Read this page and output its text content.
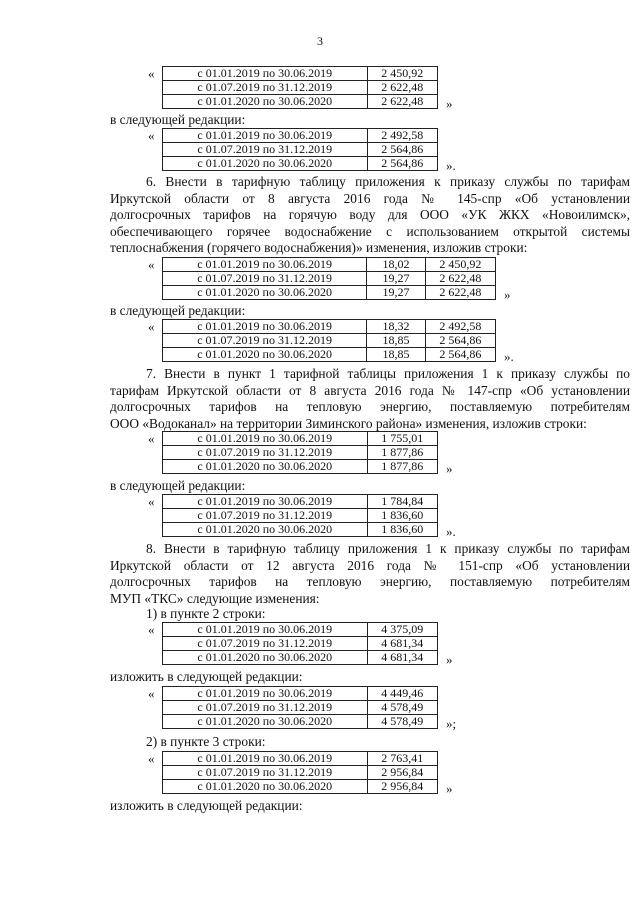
3
«	с 01.01.2019 по 30.06.2019	2 450,92
с 01.07.2019 по 31.12.2019	2 622,48
с 01.01.2020 по 30.06.2020	2 622,48 »
в следующей редакции:
«	с 01.01.2019 по 30.06.2019	2 492,58
с 01.07.2019 по 31.12.2019	2 564,86
с 01.01.2020 по 30.06.2020	2 564,86 ».
6. Внести в тарифную таблицу приложения к приказу службы по тарифам
Иркутской области от 8 августа 2016 года № 145-спр «Об установлении
долгосрочных тарифов на горячую воду для ООО «УК ЖКХ «Новоилимск»,
обеспечивающего горячее водоснабжение с использованием открытой системы
теплоснабжения (горячего водоснабжения)» изменения, изложив строки:
«	с 01.01.2019 по 30.06.2019	18,02	2 450,92
с 01.07.2019 по 31.12.2019	19,27	2 622,48
с 01.01.2020 по 30.06.2020	19,27	2 622,48 »
в следующей редакции:
«	с 01.01.2019 по 30.06.2019	18,32	2 492,58
с 01.07.2019 по 31.12.2019	18,85	2 564,86
с 01.01.2020 по 30.06.2020	18,85	2 564,86 ».
7. Внести в пункт 1 тарифной таблицы приложения 1 к приказу службы по
тарифам Иркутской области от 8 августа 2016 года № 147-спр «Об установлении
долгосрочных тарифов на тепловую энергию, поставляемую потребителям
ООО «Водоканал» на территории Зиминского района» изменения, изложив строки:
«	с 01.01.2019 по 30.06.2019	1 755,01
с 01.07.2019 по 31.12.2019	1 877,86
с 01.01.2020 по 30.06.2020	1 877,86 »
в следующей редакции:
«	с 01.01.2019 по 30.06.2019	1 784,84
с 01.07.2019 по 31.12.2019	1 836,60
с 01.01.2020 по 30.06.2020	1 836,60 ».
8. Внести в тарифную таблицу приложения 1 к приказу службы по тарифам
Иркутской области от 12 августа 2016 года № 151-спр «Об установлении
долгосрочных тарифов на тепловую энергию, поставляемую потребителям
МУП «ТКС» следующие изменения:
1) в пункте 2 строки:
«	с 01.01.2019 по 30.06.2019	4 375,09
с 01.07.2019 по 31.12.2019	4 681,34
с 01.01.2020 по 30.06.2020	4 681,34 »
изложить в следующей редакции:
«	с 01.01.2019 по 30.06.2019	4 449,46
с 01.07.2019 по 31.12.2019	4 578,49
с 01.01.2020 по 30.06.2020	4 578,49 »;
2) в пункте 3 строки:
«	с 01.01.2019 по 30.06.2019	2 763,41
с 01.07.2019 по 31.12.2019	2 956,84
с 01.01.2020 по 30.06.2020	2 956,84 »
изложить в следующей редакции:
